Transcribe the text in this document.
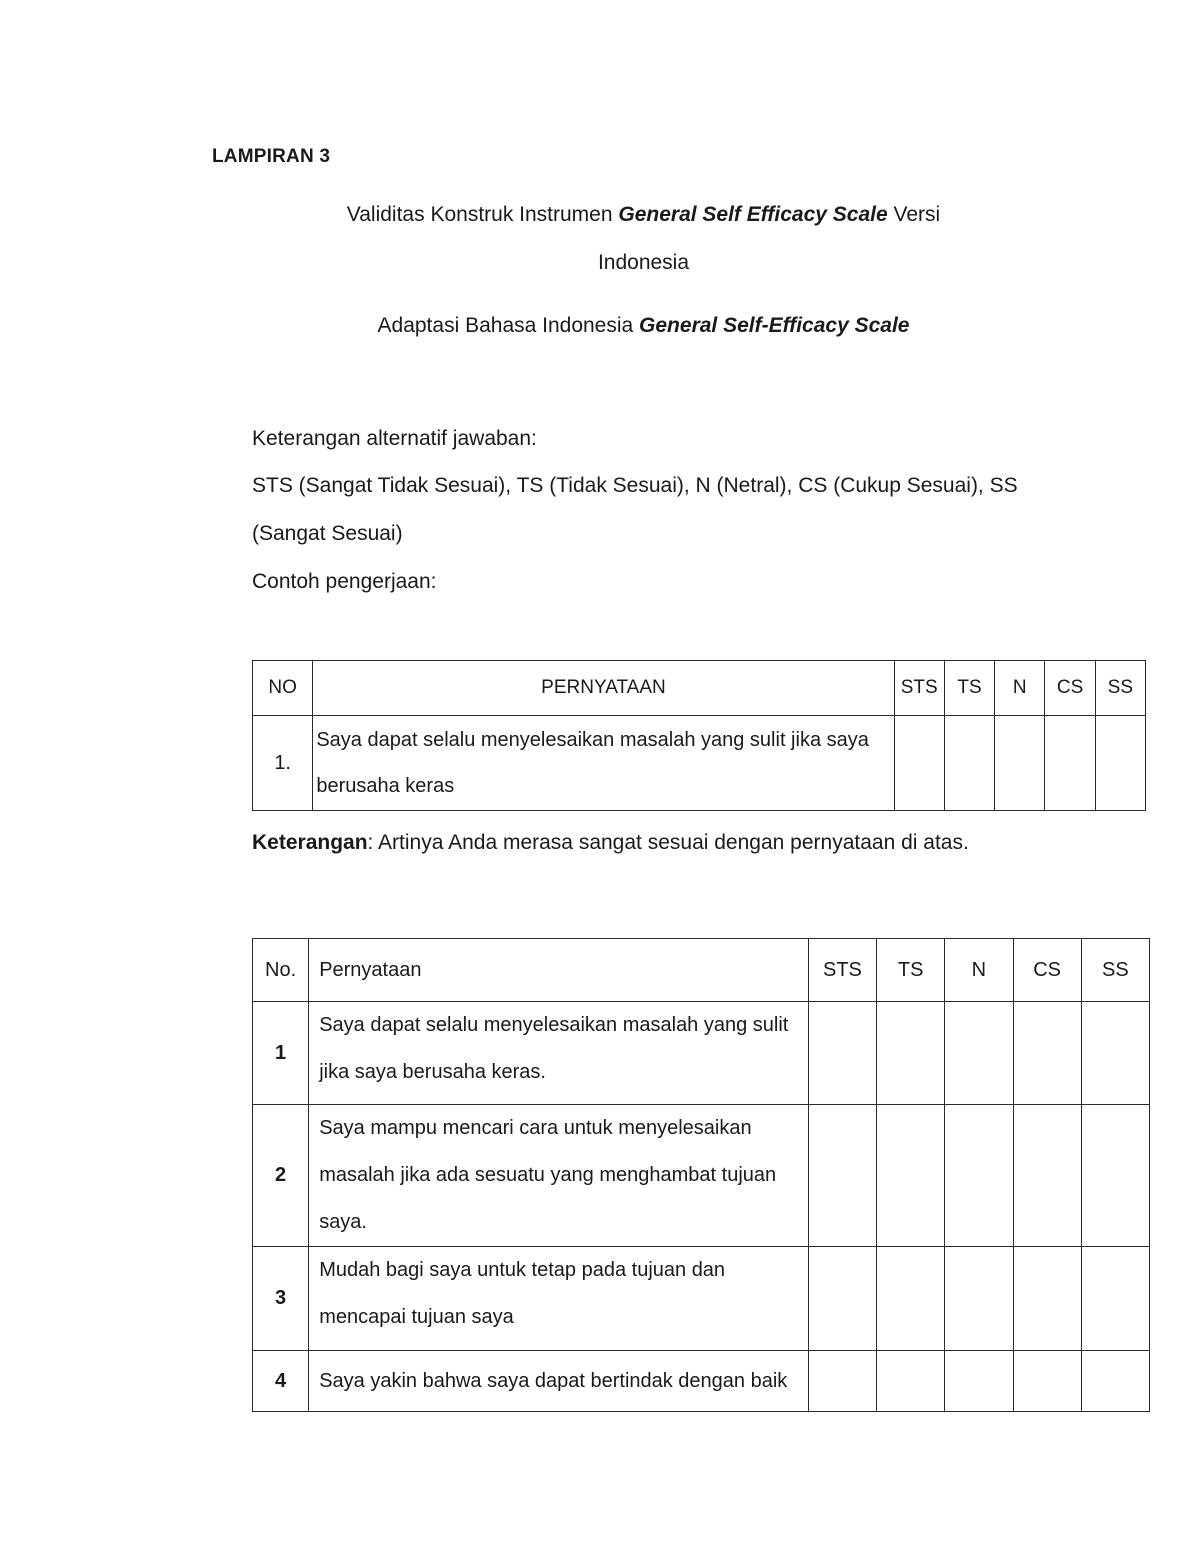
LAMPIRAN 3
Validitas Konstruk Instrumen General Self Efficacy Scale Versi
Indonesia
Adaptasi Bahasa Indonesia General Self-Efficacy Scale
Keterangan alternatif jawaban:
STS (Sangat Tidak Sesuai), TS (Tidak Sesuai), N (Netral), CS (Cukup Sesuai), SS
(Sangat Sesuai)
Contoh pengerjaan:
NO	PERNYATAAN	STS	TS	N	CS	SS
1.	Saya dapat selalu menyelesaikan masalah yang sulit jika saya berusaha keras					
Keterangan: Artinya Anda merasa sangat sesuai dengan pernyataan di atas.
No.	Pernyataan	STS	TS	N	CS	SS
1	Saya dapat selalu menyelesaikan masalah yang sulit jika saya berusaha keras.					
2	Saya mampu mencari cara untuk menyelesaikan masalah jika ada sesuatu yang menghambat tujuan saya.					
3	Mudah bagi saya untuk tetap pada tujuan dan mencapai tujuan saya					
4	Saya yakin bahwa saya dapat bertindak dengan baik					
